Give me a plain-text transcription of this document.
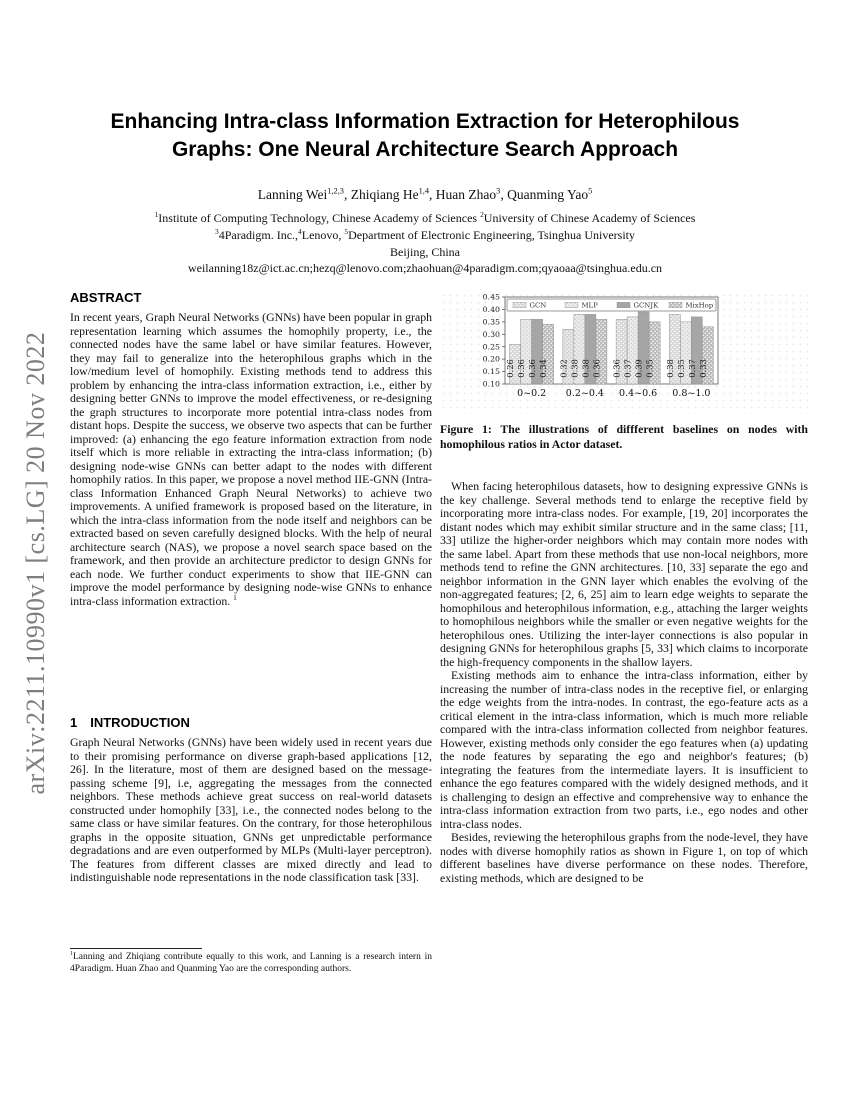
arXiv:2211.10990v1 [cs.LG] 20 Nov 2022
Enhancing Intra-class Information Extraction for Heterophilous Graphs: One Neural Architecture Search Approach
Lanning Wei$^{1,2,3}$, Zhiqiang He$^{1,4}$, Huan Zhao$^3$, Quanming Yao$^5$
$^1$Institute of Computing Technology, Chinese Academy of Sciences $^2$University of Chinese Academy of Sciences
$^3$4Paradigm. Inc.,$^4$Lenovo, $^5$Department of Electronic Engineering, Tsinghua University
Beijing, China
weilanning18z@ict.ac.cn;hezq@lenovo.com;zhaohuan@4paradigm.com;qyaoaa@tsinghua.edu.cn
ABSTRACT

In recent years, Graph Neural Networks (GNNs) have been popular in graph representation learning which assumes the homophily property, i.e., the connected nodes have the same label or have similar features. However, they may fail to generalize into the heterophilous graphs which in the low/medium level of homophily. Existing methods tend to address this problem by enhancing the intra-class information extraction, i.e., either by designing better GNNs to improve the model effectiveness, or re-designing the graph structures to incorporate more potential intra-class nodes from distant hops. Despite the success, we observe two aspects that can be further improved: (a) enhancing the ego feature information extraction from node itself which is more reliable in extracting the intra-class information; (b) designing node-wise GNNs can better adapt to the nodes with different homophily ratios. In this paper, we propose a novel method IIE-GNN (Intra-class Information Enhanced Graph Neural Networks) to achieve two improvements. A unified framework is proposed based on the literature, in which the intra-class information from the node itself and neighbors can be extracted based on seven carefully designed blocks. With the help of neural architecture search (NAS), we propose a novel search space based on the framework, and then provide an architecture predictor to design GNNs for each node. We further conduct experiments to show that IIE-GNN can improve the model performance by designing node-wise GNNs to enhance intra-class information extraction. $^1$

1 INTRODUCTION

Graph Neural Networks (GNNs) have been widely used in recent years due to their promising performance on diverse graph-based applications [12, 26]. In the literature, most of them are designed based on the message-passing scheme [9], i.e, aggregating the messages from the connected neighbors. These methods achieve great success on real-world datasets constructed under homophily [33], i.e., the connected nodes belong to the same class or have similar features. On the contrary, for those heterophilous graphs in the opposite situation, GNNs get unpredictable performance degradations and are even outperformed by MLPs (Multi-layer perceptron). The features from different classes are mixed directly and lead to indistinguishable node representations in the node classification task [33].

$^1$Lanning and Zhiqiang contribute equally to this work, and Lanning is a research intern in 4Paradigm. Huan Zhao and Quanming Yao are the corresponding authors.

0.45
0.40
0.35
0.30
0.25
0.20
0.15
0.10
0.26 0.36 0.36 0.34
0~0.2
0.32 0.38 0.38 0.36
0.2~0.4
0.36 0.37 0.39 0.35
0.4~0.6
0.38 0.35 0.37 0.33
0.8~1.0
GCN	MLP	GCNJK	MixHop

Figure 1: The illustrations of diffferent baselines on nodes with homophilous ratios in Actor dataset.

When facing heterophilous datasets, how to designing expressive GNNs is the key challenge. Several methods tend to enlarge the receptive field by incorporating more intra-class nodes. For example, [19, 20] incorporates the distant nodes which may exhibit similar structure and in the same class; [11, 33] utilize the higher-order neighbors which may contain more nodes with the same label. Apart from these methods that use non-local neighbors, more methods tend to refine the GNN architectures. [10, 33] separate the ego and neighbor information in the GNN layer which enables the evolving of the non-aggregated features; [2, 6, 25] aim to learn edge weights to separate the homophilous and heterophilous information, e.g., attaching the larger weights to homophilous neighbors while the smaller or even negative weights for the heterophilous ones. Utilizing the inter-layer connections is also popular in designing GNNs for heterophilous graphs [5, 33] which claims to incorporate the high-frequency components in the shallow layers.

Existing methods aim to enhance the intra-class information, either by increasing the number of intra-class nodes in the receptive fiel, or enlarging the edge weights from the intra-nodes. In contrast, the ego-feature acts as a critical element in the intra-class information, which is much more reliable compared with the intra-class information collected from neighbor features. However, existing methods only consider the ego features when (a) updating the node features by separating the ego and neighbor's features; (b) integrating the features from the intermediate layers. It is insufficient to enhance the ego features compared with the widely designed methods, and it is challenging to design an effective and comprehensive way to enhance the intra-class information extraction from two parts, i.e., ego nodes and other intra-class nodes.

Besides, reviewing the heterophilous graphs from the node-level, they have nodes with diverse homophily ratios as shown in Figure 1, on top of which different baselines have diverse performance on these nodes. Therefore, existing methods, which are designed to be
